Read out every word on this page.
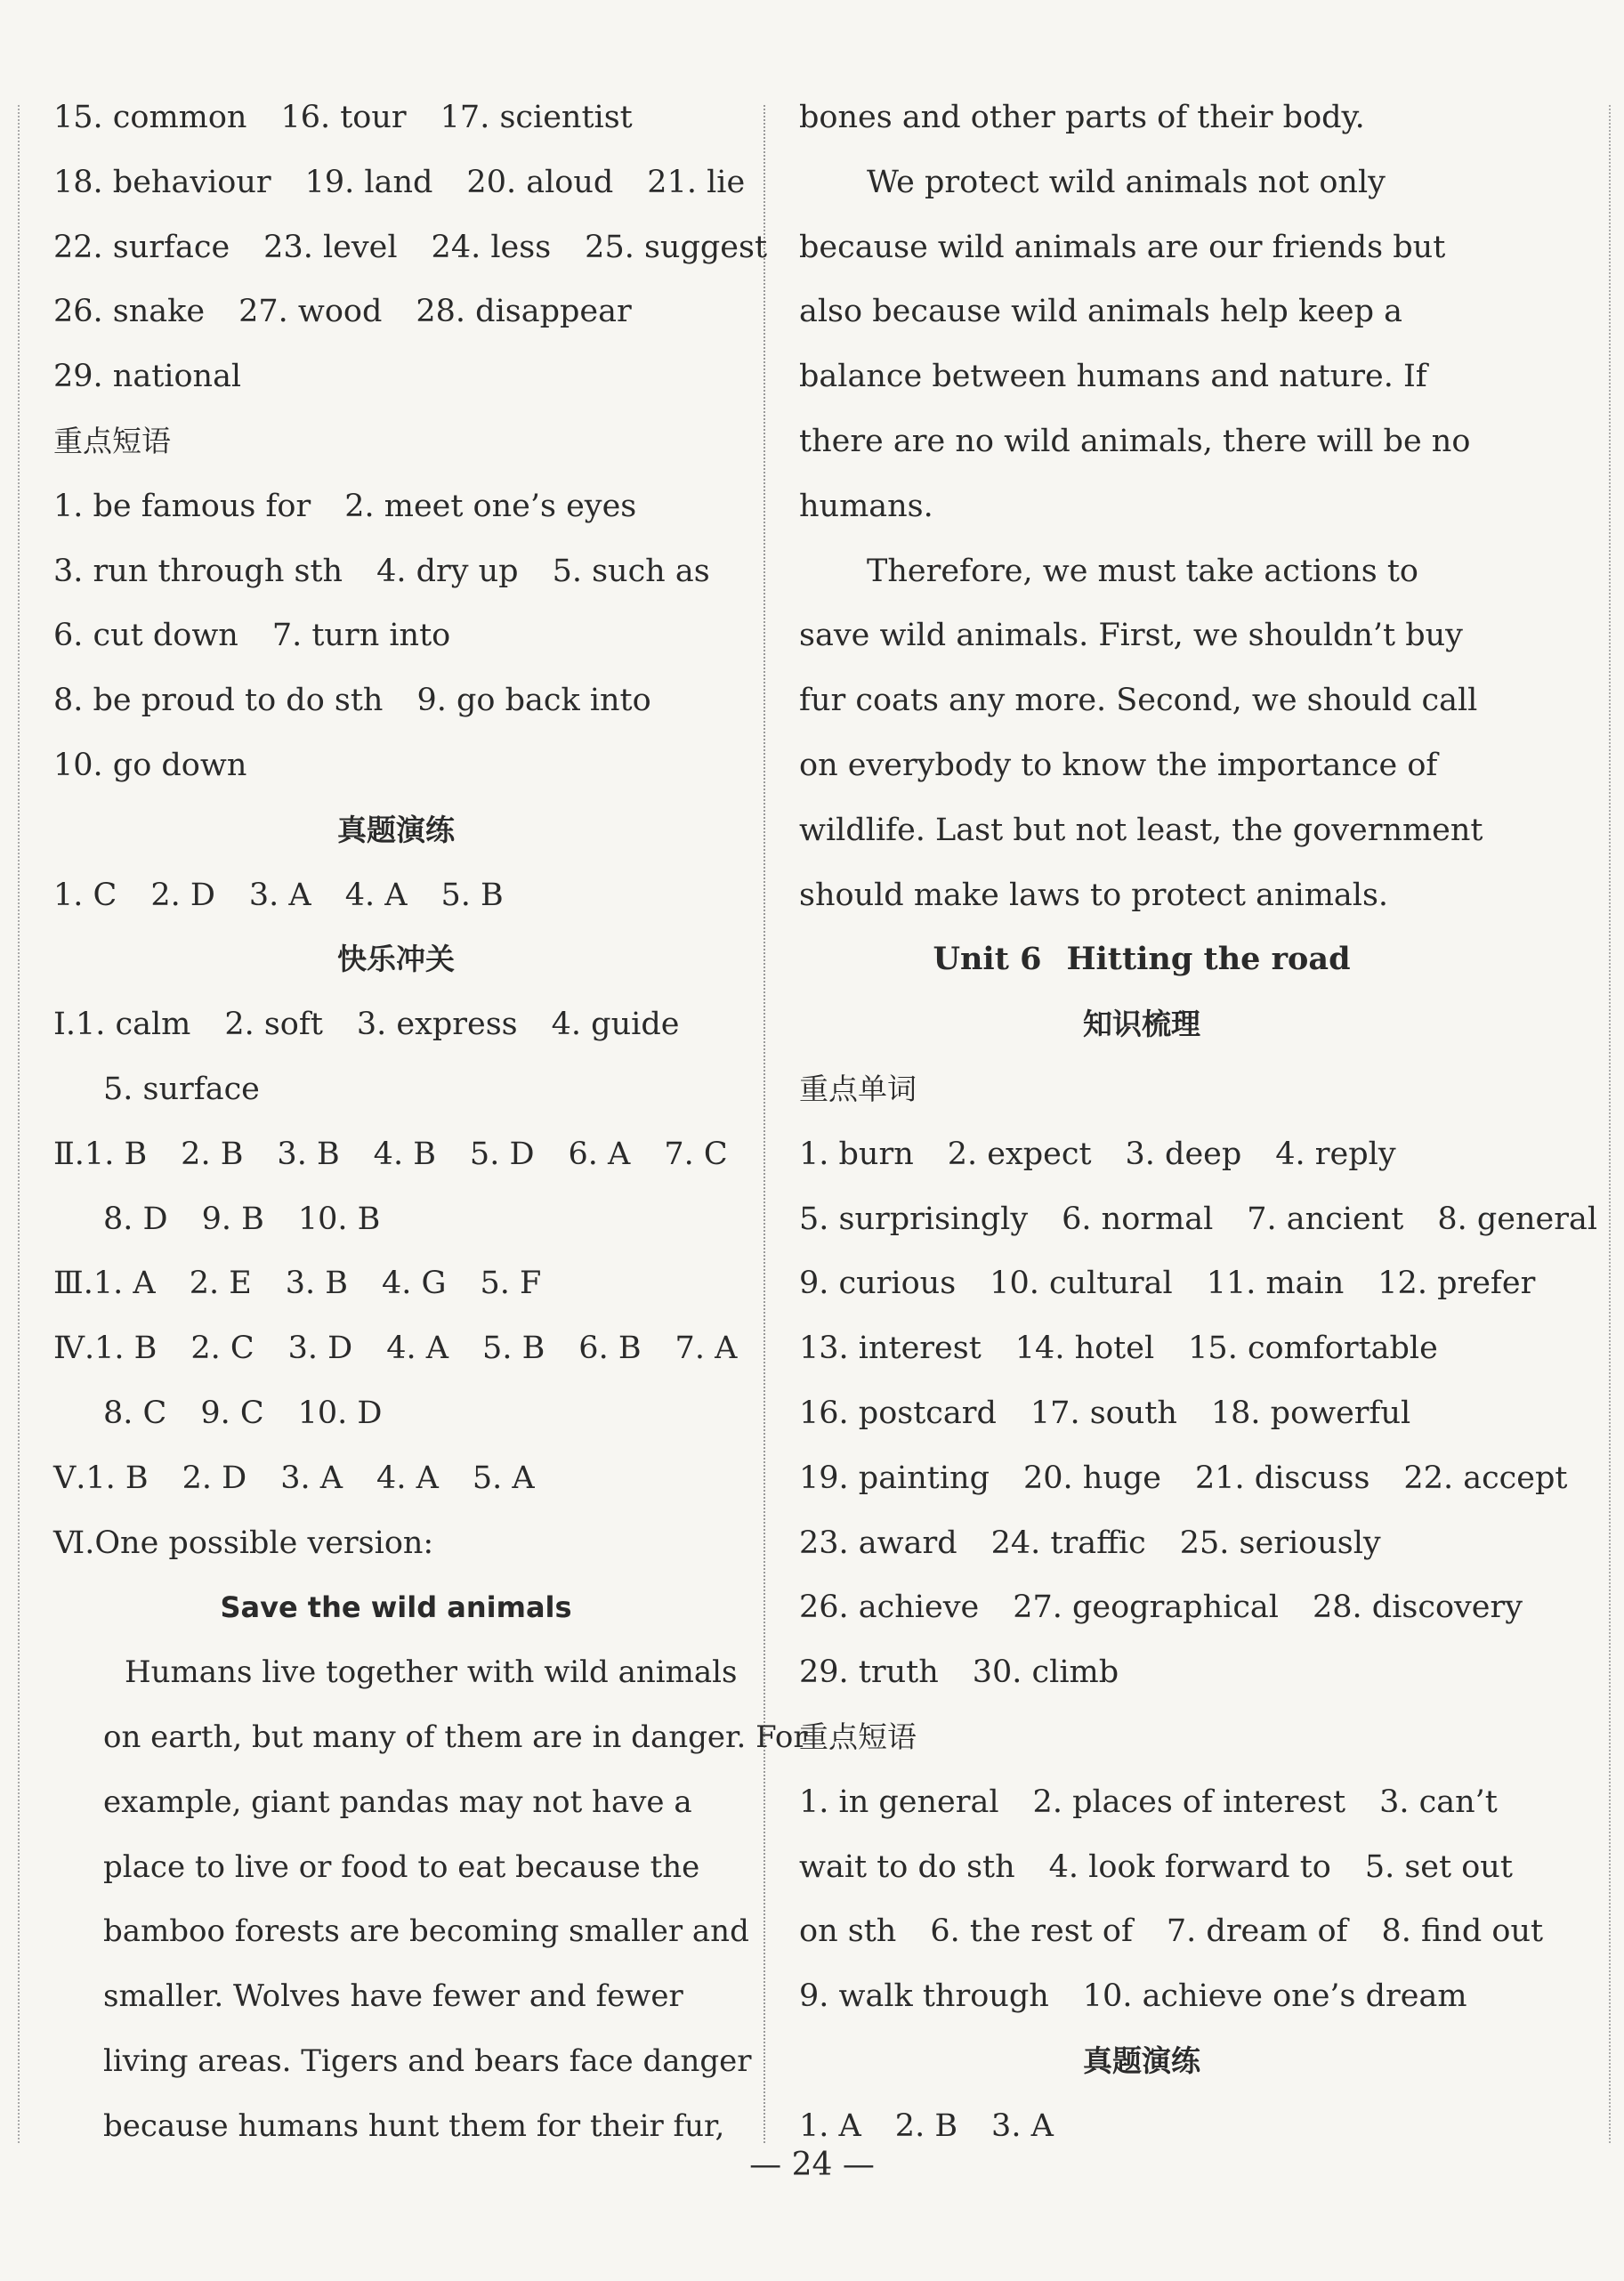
15. common 16. tour 17. scientist
18. behaviour 19. land 20. aloud 21. lie
22. surface 23. level 24. less 25. suggest
26. snake 27. wood 28. disappear
29. national
重点短语
1. be famous for 2. meet one’s eyes
3. run through sth 4. dry up 5. such as
6. cut down 7. turn into
8. be proud to do sth 9. go back into
10. go down
真题演练
1. C 2. D 3. A 4. A 5. B
快乐冲关
Ⅰ.1. calm 2. soft 3. express 4. guide
5. surface
Ⅱ.1. B 2. B 3. B 4. B 5. D 6. A 7. C
8. D 9. B 10. B
Ⅲ.1. A 2. E 3. B 4. G 5. F
Ⅳ.1. B 2. C 3. D 4. A 5. B 6. B 7. A
8. C 9. C 10. D
Ⅴ.1. B 2. D 3. A 4. A 5. A
Ⅵ.One possible version:
Save the wild animals
Humans live together with wild animals
on earth, but many of them are in danger. For
example, giant pandas may not have a
place to live or food to eat because the
bamboo forests are becoming smaller and
smaller. Wolves have fewer and fewer
living areas. Tigers and bears face danger
because humans hunt them for their fur,
bones and other parts of their body.
We protect wild animals not only
because wild animals are our friends but
also because wild animals help keep a
balance between humans and nature. If
there are no wild animals, there will be no
humans.
Therefore, we must take actions to
save wild animals. First, we shouldn’t buy
fur coats any more. Second, we should call
on everybody to know the importance of
wildlife. Last but not least, the government
should make laws to protect animals.
Unit 6 Hitting the road
知识梳理
重点单词
1. burn 2. expect 3. deep 4. reply
5. surprisingly 6. normal 7. ancient 8. general
9. curious 10. cultural 11. main 12. prefer
13. interest 14. hotel 15. comfortable
16. postcard 17. south 18. powerful
19. painting 20. huge 21. discuss 22. accept
23. award 24. traffic 25. seriously
26. achieve 27. geographical 28. discovery
29. truth 30. climb
重点短语
1. in general 2. places of interest 3. can’t
wait to do sth 4. look forward to 5. set out
on sth 6. the rest of 7. dream of 8. find out
9. walk through 10. achieve one’s dream
真题演练
1. A 2. B 3. A
— 24 —
